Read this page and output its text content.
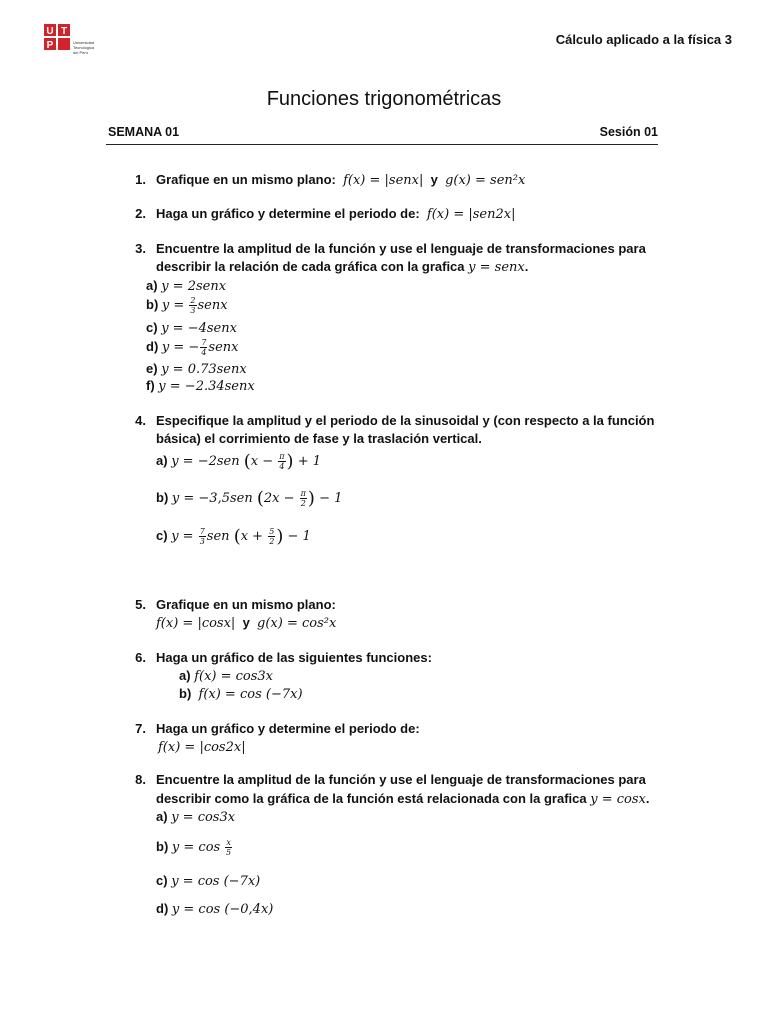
U T
P	Universidad
Tecnológica
del Perú
Cálculo aplicado a la física 3
Funciones trigonométricas
SEMANA 01	Sesión 01
1. Grafique en un mismo plano: f(x) = |senx| y g(x) = sen²x
2. Haga un gráfico y determine el periodo de: f(x) = |sen2x|
3. Encuentre la amplitud de la función y use el lenguaje de transformaciones para
describir la relación de cada gráfica con la grafica y = senx.
a) y = 2senx
b) $y = \frac{2}{3}$ senx
c) y = −4senx
d) y = − $\frac{7}{4}$ senx
e) y = 0.73senx
f) y = −2.34senx
4. Especifique la amplitud y el periodo de la sinusoidal y (con respecto a la función
básica) el corrimiento de fase y la traslación vertical.
a) y = −2sen ($x - \frac{\pi}{4}$ ) + 1
b) y = −3,5sen ($2x - \frac{\pi}{2}$ ) − 1
c) $y = \frac{7}{3}$ sen ($x + \frac{5}{2}$ ) − 1
5. Grafique en un mismo plano:
f(x) = |cosx| y g(x) = cos²x
6. Haga un gráfico de las siguientes funciones:
a) f(x) = cos3x
b) f(x) = cos (−7x)
7. Haga un gráfico y determine el periodo de:
f(x) = |cos2x|
8. Encuentre la amplitud de la función y use el lenguaje de transformaciones para
describir como la gráfica de la función está relacionada con la grafica y = cosx.
a) y = cos3x
b) $y = \cos \frac{x}{5}$
c) y = cos (−7x)
d) y = cos (−0,4x)
